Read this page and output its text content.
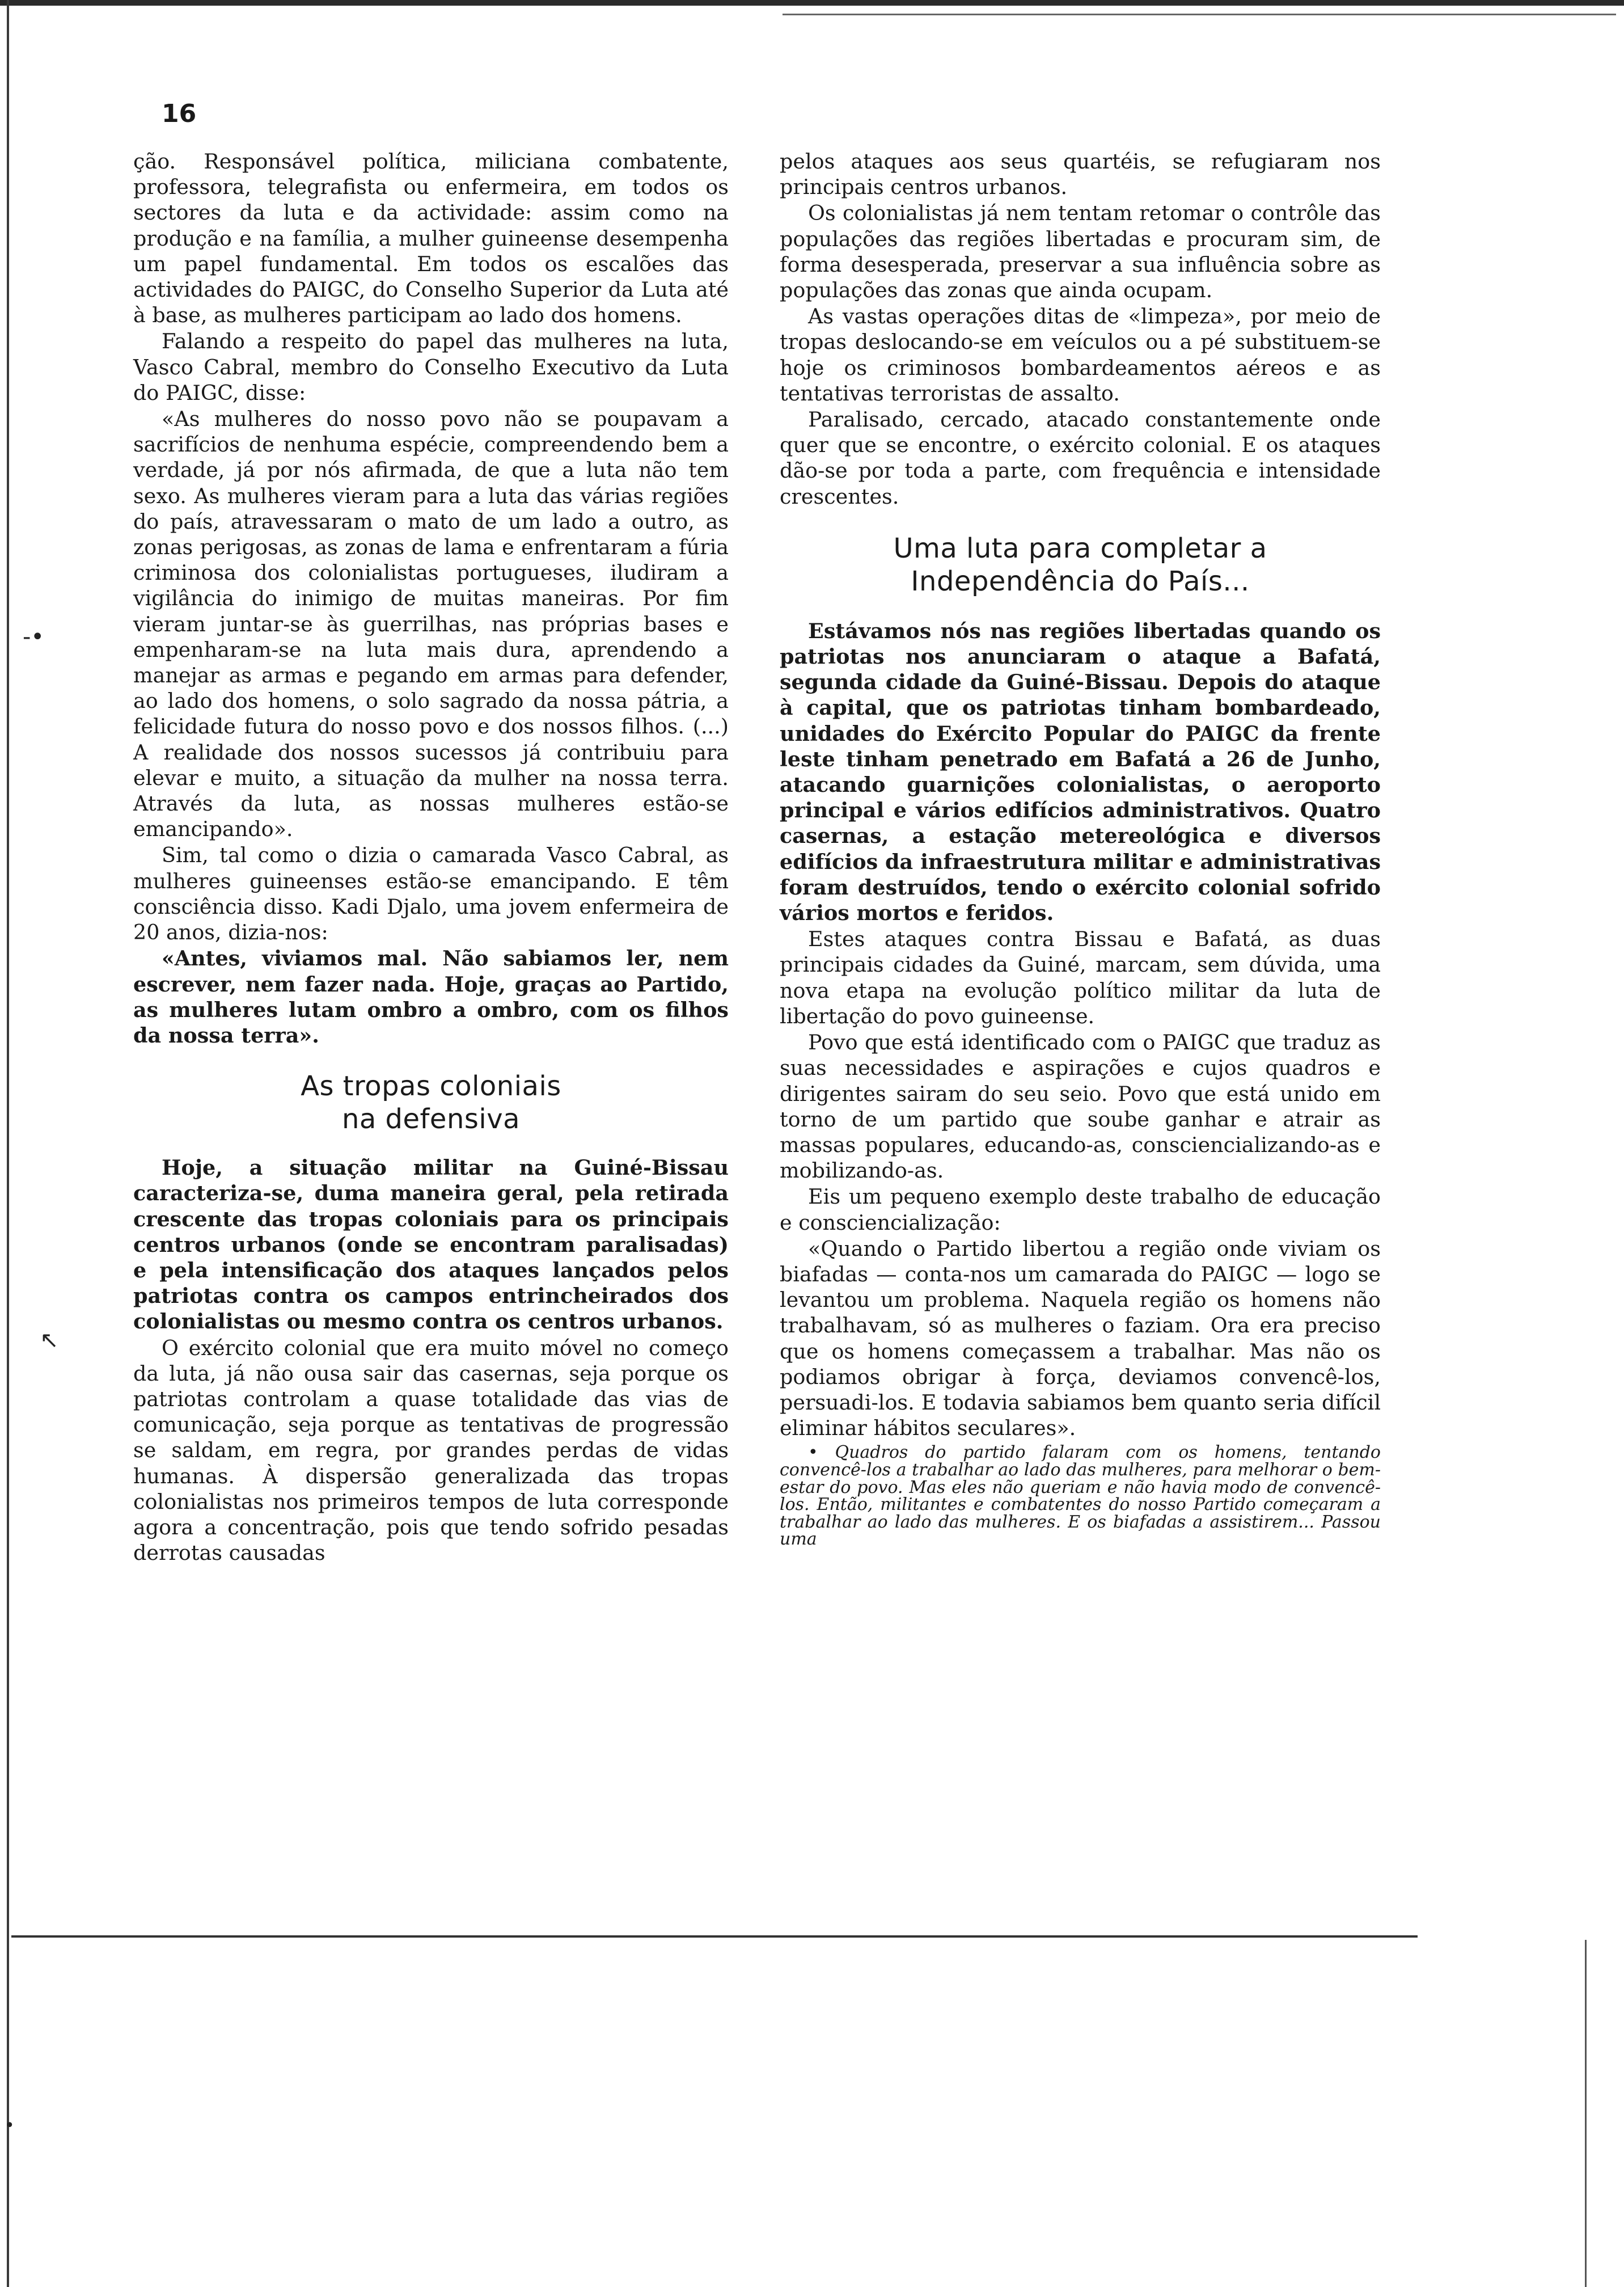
-•
↖
•
16

ção. Responsável política, miliciana combatente, professora, telegrafista ou enfermeira, em todos os sectores da luta e da actividade: assim como na produção e na família, a mulher guineense desempenha um papel fundamental. Em todos os escalões das actividades do PAIGC, do Conselho Superior da Luta até à base, as mulheres participam ao lado dos homens.

Falando a respeito do papel das mulheres na luta, Vasco Cabral, membro do Conselho Executivo da Luta do PAIGC, disse:

«As mulheres do nosso povo não se poupavam a sacrifícios de nenhuma espécie, compreendendo bem a verdade, já por nós afirmada, de que a luta não tem sexo. As mulheres vieram para a luta das várias regiões do país, atravessaram o mato de um lado a outro, as zonas perigosas, as zonas de lama e enfrentaram a fúria criminosa dos colonialistas portugueses, iludiram a vigilância do inimigo de muitas maneiras. Por fim vieram juntar-se às guerrilhas, nas próprias bases e empenharam-se na luta mais dura, aprendendo a manejar as armas e pegando em armas para defender, ao lado dos homens, o solo sagrado da nossa pátria, a felicidade futura do nosso povo e dos nossos filhos. (...) A realidade dos nossos sucessos já contribuiu para elevar e muito, a situação da mulher na nossa terra. Através da luta, as nossas mulheres estão-se emancipando».

Sim, tal como o dizia o camarada Vasco Cabral, as mulheres guineenses estão-se emancipando. E têm consciência disso. Kadi Djalo, uma jovem enfermeira de 20 anos, dizia-nos:

«Antes, viviamos mal. Não sabiamos ler, nem escrever, nem fazer nada. Hoje, graças ao Partido, as mulheres lutam ombro a ombro, com os filhos da nossa terra».

As tropas coloniais
na defensiva

Hoje, a situação militar na Guiné-Bissau caracteriza-se, duma maneira geral, pela retirada crescente das tropas coloniais para os principais centros urbanos (onde se encontram paralisadas) e pela intensificação dos ataques lançados pelos patriotas contra os campos entrincheirados dos colonialistas ou mesmo contra os centros urbanos.

O exército colonial que era muito móvel no começo da luta, já não ousa sair das casernas, seja porque os patriotas controlam a quase totalidade das vias de comunicação, seja porque as tentativas de progressão se saldam, em regra, por grandes perdas de vidas humanas. À dispersão generalizada das tropas colonialistas nos primeiros tempos de luta corresponde agora a concentração, pois que tendo sofrido pesadas derrotas causadas

pelos ataques aos seus quartéis, se refugiaram nos principais centros urbanos.

Os colonialistas já nem tentam retomar o contrôle das populações das regiões libertadas e procuram sim, de forma desesperada, preservar a sua influência sobre as populações das zonas que ainda ocupam.

As vastas operações ditas de «limpeza», por meio de tropas deslocando-se em veículos ou a pé substituem-se hoje os criminosos bombardeamentos aéreos e as tentativas terroristas de assalto.

Paralisado, cercado, atacado constantemente onde quer que se encontre, o exército colonial. E os ataques dão-se por toda a parte, com frequência e intensidade crescentes.

Uma luta para completar a
Independência do País...

Estávamos nós nas regiões libertadas quando os patriotas nos anunciaram o ataque a Bafatá, segunda cidade da Guiné-Bissau. Depois do ataque à capital, que os patriotas tinham bombardeado, unidades do Exército Popular do PAIGC da frente leste tinham penetrado em Bafatá a 26 de Junho, atacando guarnições colonialistas, o aeroporto principal e vários edifícios administrativos. Quatro casernas, a estação metereológica e diversos edifícios da infraestrutura militar e administrativas foram destruídos, tendo o exército colonial sofrido vários mortos e feridos.

Estes ataques contra Bissau e Bafatá, as duas principais cidades da Guiné, marcam, sem dúvida, uma nova etapa na evolução político militar da luta de libertação do povo guineense.

Povo que está identificado com o PAIGC que traduz as suas necessidades e aspirações e cujos quadros e dirigentes sairam do seu seio. Povo que está unido em torno de um partido que soube ganhar e atrair as massas populares, educando-as, consciencializando-as e mobilizando-as.

Eis um pequeno exemplo deste trabalho de educação e consciencialização:

«Quando o Partido libertou a região onde viviam os biafadas — conta-nos um camarada do PAIGC — logo se levantou um problema. Naquela região os homens não trabalhavam, só as mulheres o faziam. Ora era preciso que os homens começassem a trabalhar. Mas não os podiamos obrigar à força, deviamos convencê-los, persuadi-los. E todavia sabiamos bem quanto seria difícil eliminar hábitos seculares».

• Quadros do partido falaram com os homens, tentando convencê-los a trabalhar ao lado das mulheres, para melhorar o bem-estar do povo. Mas eles não queriam e não havia modo de convencê-los. Então, militantes e combatentes do nosso Partido começaram a trabalhar ao lado das mulheres. E os biafadas a assistirem... Passou uma
